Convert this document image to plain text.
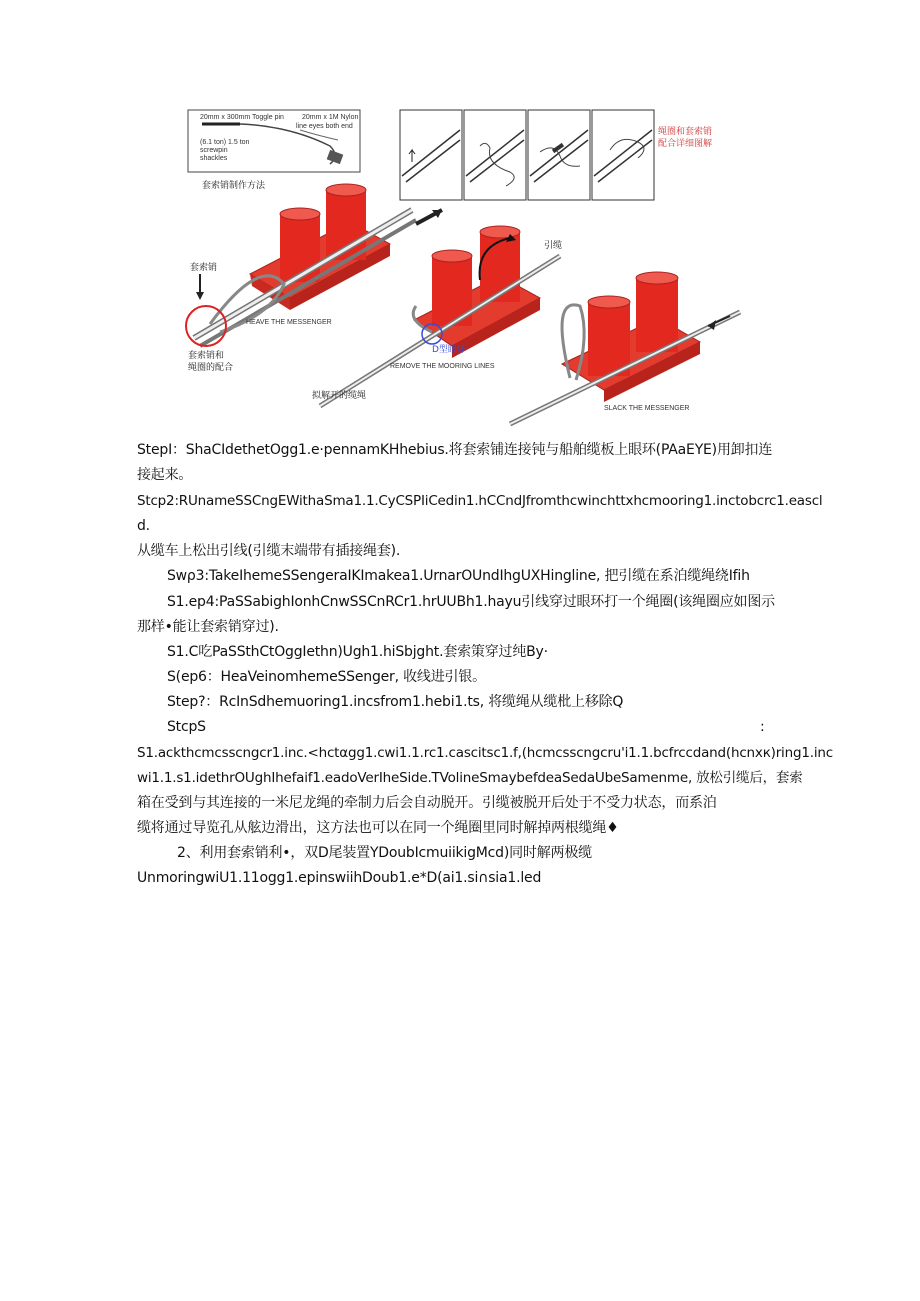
20mm x 300mm Toggle pin	20mm x 1M Nylon
line eyes both end
(6.1 ton) 1.5 ton
screwpin
shackles
套索销制作方法
绳圈和套索销
配合详细图解
套索销
套索销和
绳圈的配合
HEAVE THE MESSENGER
引缆
D型眼环
REMOVE THE MOORING LINES
拟解开的缆绳
SLACK THE MESSENGER
StepI：ShaCIdethetOgg1.e·pennamKHhebius.将套索铺连接钝与船舶缆板上眼环(PAaEYE)用卸扣连
接起来。
Stcp2:RUnameSSCngEWithaSma1.1.CyCSPIiCedin1.hCCndJfromthcwinchttxhcmooring1.inctobcrc1.eascl
d.
从缆车上松出引线(引缆末端带有插接绳套).
Swρ3:TakeIhemeSSengeraIKImakea1.UrnarOUndIhgUXHingline, 把引缆在系泊缆绳绕Ifih
S1.ep4:PaSSabighIonhCnwSSCnRCr1.hrUUBh1.hayu引线穿过眼环打一个绳圈(该绳圈应如图示
那样•能让套索销穿过).
S1.C吃PaSSthCtOggIethn)Ugh1.hiSbjght.套索策穿过纯By·
S(ep6：HeaVeinomhemeSSenger, 收线进引银。
Step?：RcInSdhemuoring1.incsfrom1.hebi1.ts, 将缆绳从缆枇上移除Q
StcpS	:
S1.ackthcmcsscngcr1.inc.<hctαgg1.cwi1.1.rc1.cascitsc1.f,(hcmcsscngcru'i1.1.bcfrccdand(hcnxк)ring1.inc
wi1.1.s1.idethrOUghIhefaif1.eadoVerIheSide.TVolineSmaybefdeaSedaUbeSamenme, 放松引缆后，套索
箱在受到与其连接的一米尼龙绳的牵制力后会自动脱开。引缆被脱开后处于不受力状态，而系泊
缆将通过导览孔从舷边滑出，这方法也可以在同一个绳圈里同时解掉两根缆绳♦
2、利用套索销利•，双D尾装置YDoubIcmuiikigMcd)同时解两极缆
UnmoringwiU1.11ogg1.epinswiihDoub1.e*D(ai1.si∩sia1.led
